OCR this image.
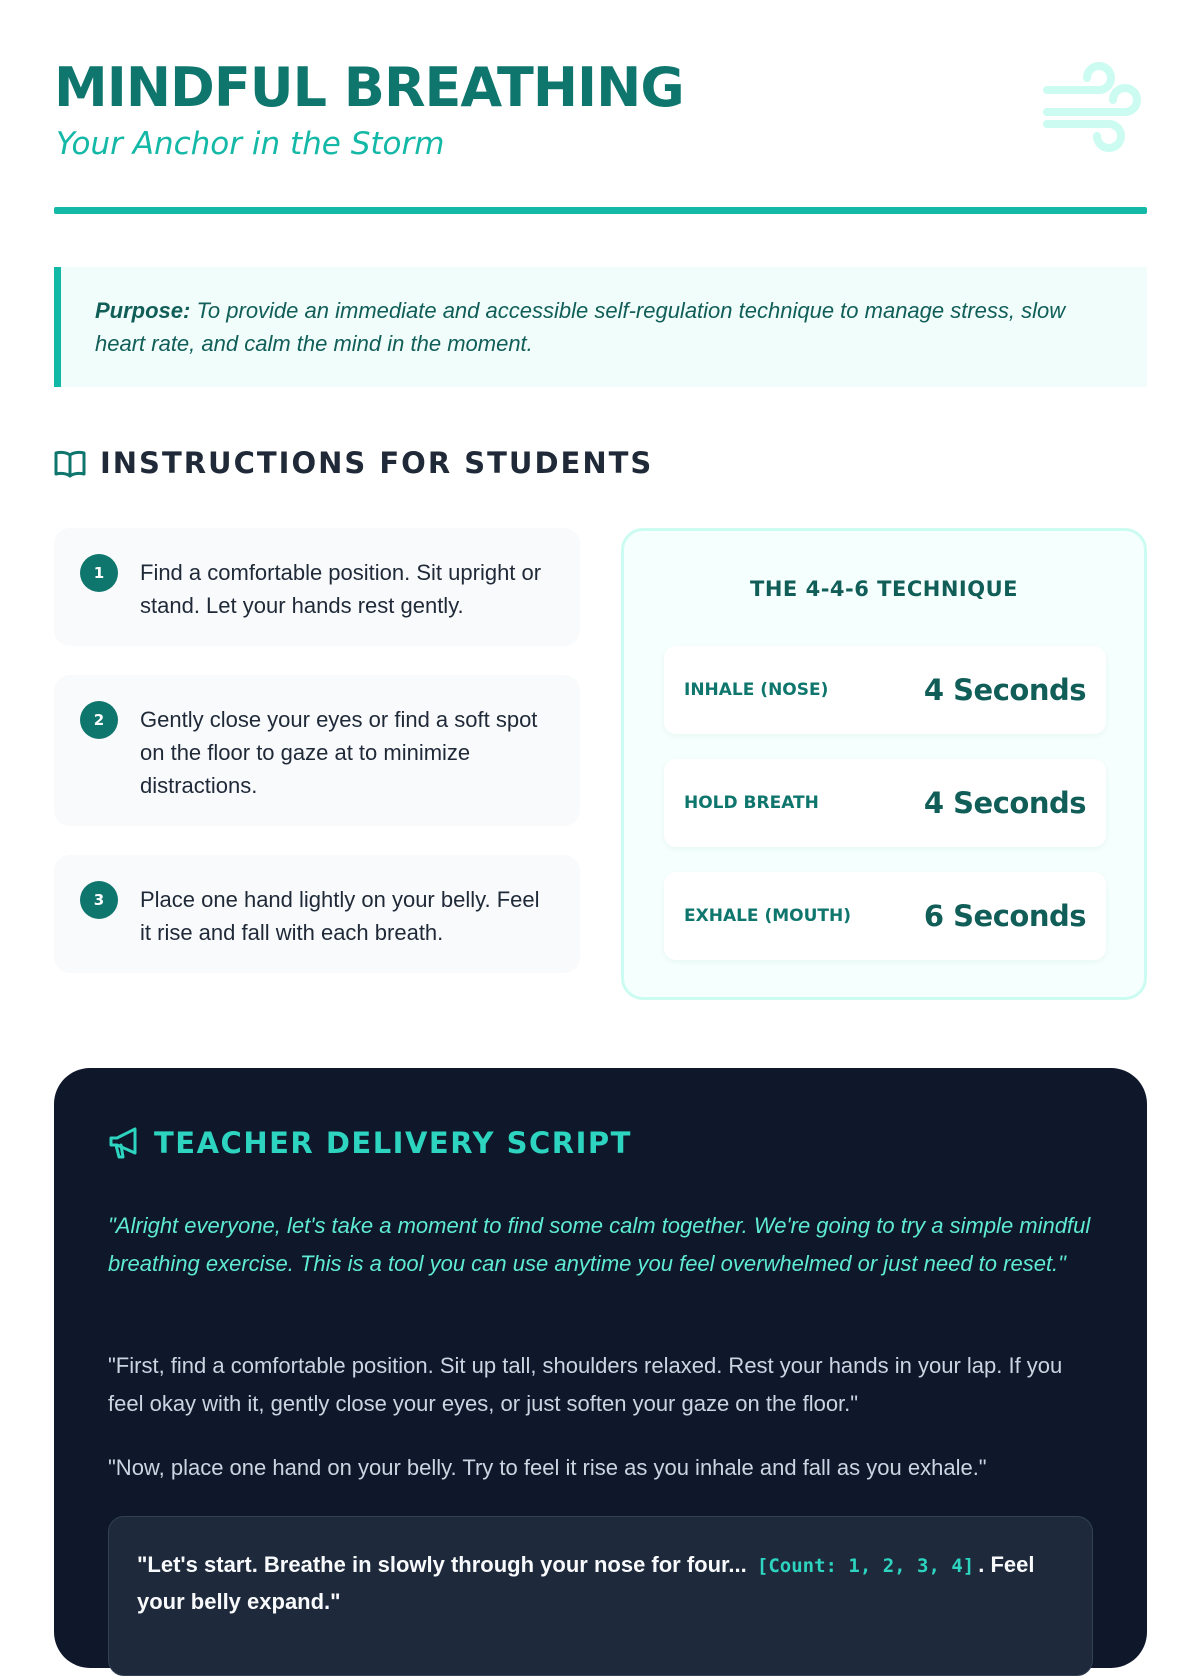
MINDFUL BREATHING
Your Anchor in the Storm

Purpose: To provide an immediate and accessible self-regulation technique to manage stress, slow heart rate, and calm the mind in the moment.

INSTRUCTIONS FOR STUDENTS
1	Find a comfortable position. Sit upright or stand. Let your hands rest gently.
2	Gently close your eyes or find a soft spot on the floor to gaze at to minimize distractions.
3	Place one hand lightly on your belly. Feel it rise and fall with each breath.
THE 4-4-6 TECHNIQUE
INHALE (NOSE)	4 Seconds
HOLD BREATH	4 Seconds
EXHALE (MOUTH)	6 Seconds
TEACHER DELIVERY SCRIPT

"Alright everyone, let's take a moment to find some calm together. We're going to try a simple mindful breathing exercise. This is a tool you can use anytime you feel overwhelmed or just need to reset."

"First, find a comfortable position. Sit up tall, shoulders relaxed. Rest your hands in your lap. If you feel okay with it, gently close your eyes, or just soften your gaze on the floor."

"Now, place one hand on your belly. Try to feel it rise as you inhale and fall as you exhale."

"Let's start. Breathe in slowly through your nose for four... [Count: 1, 2, 3, 4] . Feel your belly expand."
